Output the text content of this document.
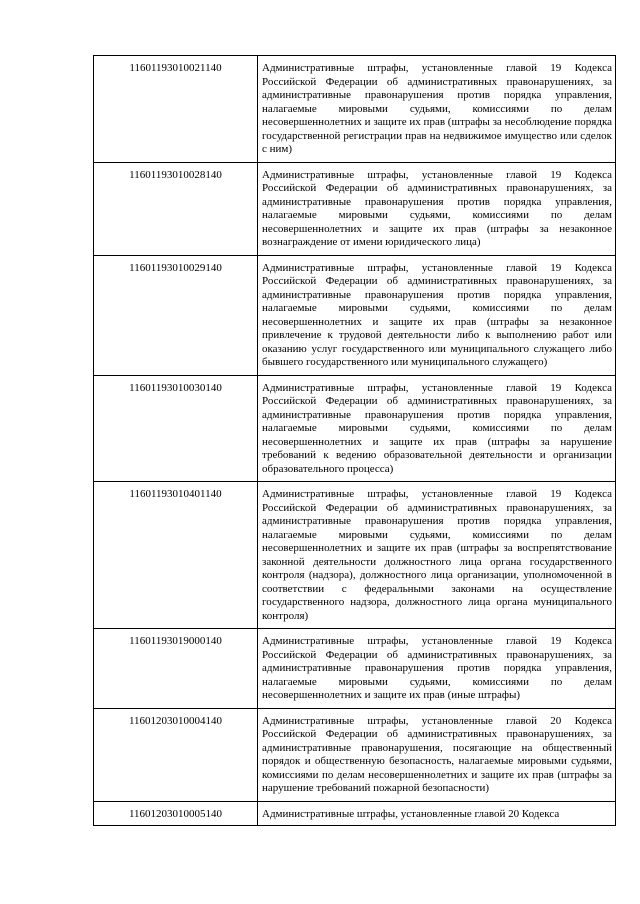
11601193010021140	Административные штрафы, установленные главой 19 Кодекса Российской Федерации об административных правонарушениях, за административные правонарушения против порядка управления, налагаемые мировыми судьями, комиссиями по делам несовершеннолетних и защите их прав (штрафы за несоблюдение порядка государственной регистрации прав на недвижимое имущество или сделок с ним)
11601193010028140	Административные штрафы, установленные главой 19 Кодекса Российской Федерации об административных правонарушениях, за административные правонарушения против порядка управления, налагаемые мировыми судьями, комиссиями по делам несовершеннолетних и защите их прав (штрафы за незаконное вознаграждение от имени юридического лица)
11601193010029140	Административные штрафы, установленные главой 19 Кодекса Российской Федерации об административных правонарушениях, за административные правонарушения против порядка управления, налагаемые мировыми судьями, комиссиями по делам несовершеннолетних и защите их прав (штрафы за незаконное привлечение к трудовой деятельности либо к выполнению работ или оказанию услуг государственного или муниципального служащего либо бывшего государственного или муниципального служащего)
11601193010030140	Административные штрафы, установленные главой 19 Кодекса Российской Федерации об административных правонарушениях, за административные правонарушения против порядка управления, налагаемые мировыми судьями, комиссиями по делам несовершеннолетних и защите их прав (штрафы за нарушение требований к ведению образовательной деятельности и организации образовательного процесса)
11601193010401140	Административные штрафы, установленные главой 19 Кодекса Российской Федерации об административных правонарушениях, за административные правонарушения против порядка управления, налагаемые мировыми судьями, комиссиями по делам несовершеннолетних и защите их прав (штрафы за воспрепятствование законной деятельности должностного лица органа государственного контроля (надзора), должностного лица организации, уполномоченной в соответствии с федеральными законами на осуществление государственного надзора, должностного лица органа муниципального контроля)
11601193019000140	Административные штрафы, установленные главой 19 Кодекса Российской Федерации об административных правонарушениях, за административные правонарушения против порядка управления, налагаемые мировыми судьями, комиссиями по делам несовершеннолетних и защите их прав (иные штрафы)
11601203010004140	Административные штрафы, установленные главой 20 Кодекса Российской Федерации об административных правонарушениях, за административные правонарушения, посягающие на общественный порядок и общественную безопасность, налагаемые мировыми судьями, комиссиями по делам несовершеннолетних и защите их прав (штрафы за нарушение требований пожарной безопасности)
11601203010005140	Административные штрафы, установленные главой 20 Кодекса
